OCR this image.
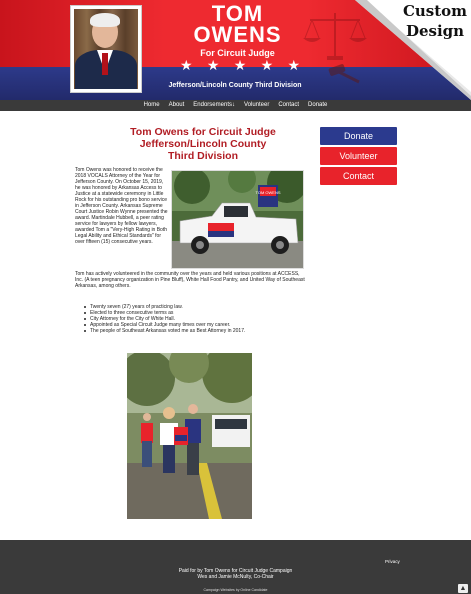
TOM
OWENS
For Circuit Judge
★ ★ ★ ★ ★
Jefferson/Lincoln County Third Division
Custom
Design
Home About Endorsements↓ Volunteer Contact Donate
Tom Owens for Circuit Judge
Jefferson/Lincoln County
Third Division
Tom Owens was honored to receive the 2018 VOCALS Attorney of the Year for Jefferson County. On October 15, 2019, he was honored by Arkansas Access to Justice at a statewide ceremony in Little Rock for his outstanding pro bono service in Jefferson County. Arkansas Supreme Court Justice Robin Wynne presented the award. Martindale Hubbell, a peer rating service for lawyers by fellow lawyers, awarded Tom a "Very-High Rating in Both Legal Ability and Ethical Standards" for over fifteen (15) consecutive years.
TOM OWENS
Tom has actively volunteered in the community over the years and held various positions at ACCESS, Inc. (A teen pregnancy organization in Pine Bluff), White Hall Food Pantry, and United Way of Southeast Arkansas, among others.
Twenty seven (27) years of practicing law.
Elected to three consecutive terms as
City Attorney for the City of White Hall.
Appointed as Special Circuit Judge many times over my career.
The people of Southeast Arkansas voted me as Best Attorney in 2017.
Donate
Volunteer
Contact
Privacy
Paid for by Tom Owens for Circuit Judge Campaign
Wes and Jamie McNulty, Co-Chair
Campaign Websites by Online Candidate	▲
